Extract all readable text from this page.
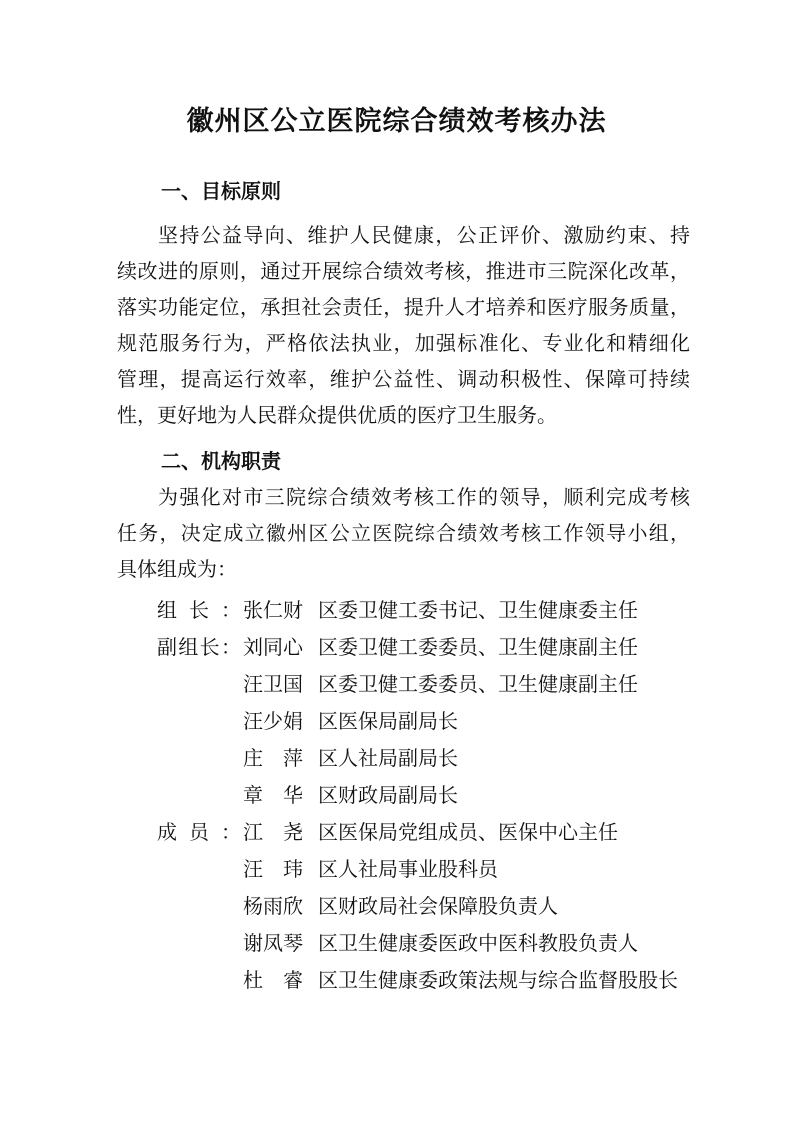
徽州区公立医院综合绩效考核办法
一、目标原则

坚持公益导向、维护人民健康，公正评价、激励约束、持

续改进的原则，通过开展综合绩效考核，推进市三院深化改革，

落实功能定位，承担社会责任，提升人才培养和医疗服务质量，

规范服务行为，严格依法执业，加强标准化、专业化和精细化

管理，提高运行效率，维护公益性、调动积极性、保障可持续

性，更好地为人民群众提供优质的医疗卫生服务。

二、机构职责

为强化对市三院综合绩效考核工作的领导，顺利完成考核

任务，决定成立徽州区公立医院综合绩效考核工作领导小组，

具体组成为：

组长： 张仁财 区委卫健工委书记、卫生健康委主任
副组长： 刘同心 区委卫健工委委员、卫生健康副主任
汪卫国 区委卫健工委委员、卫生健康副主任
汪少娟 区医保局副局长
庄萍 区人社局副局长
章华 区财政局副局长
成员： 江尧 区医保局党组成员、医保中心主任
汪玮 区人社局事业股科员
杨雨欣 区财政局社会保障股负责人
谢凤琴 区卫生健康委医政中医科教股负责人
杜睿 区卫生健康委政策法规与综合监督股股长
